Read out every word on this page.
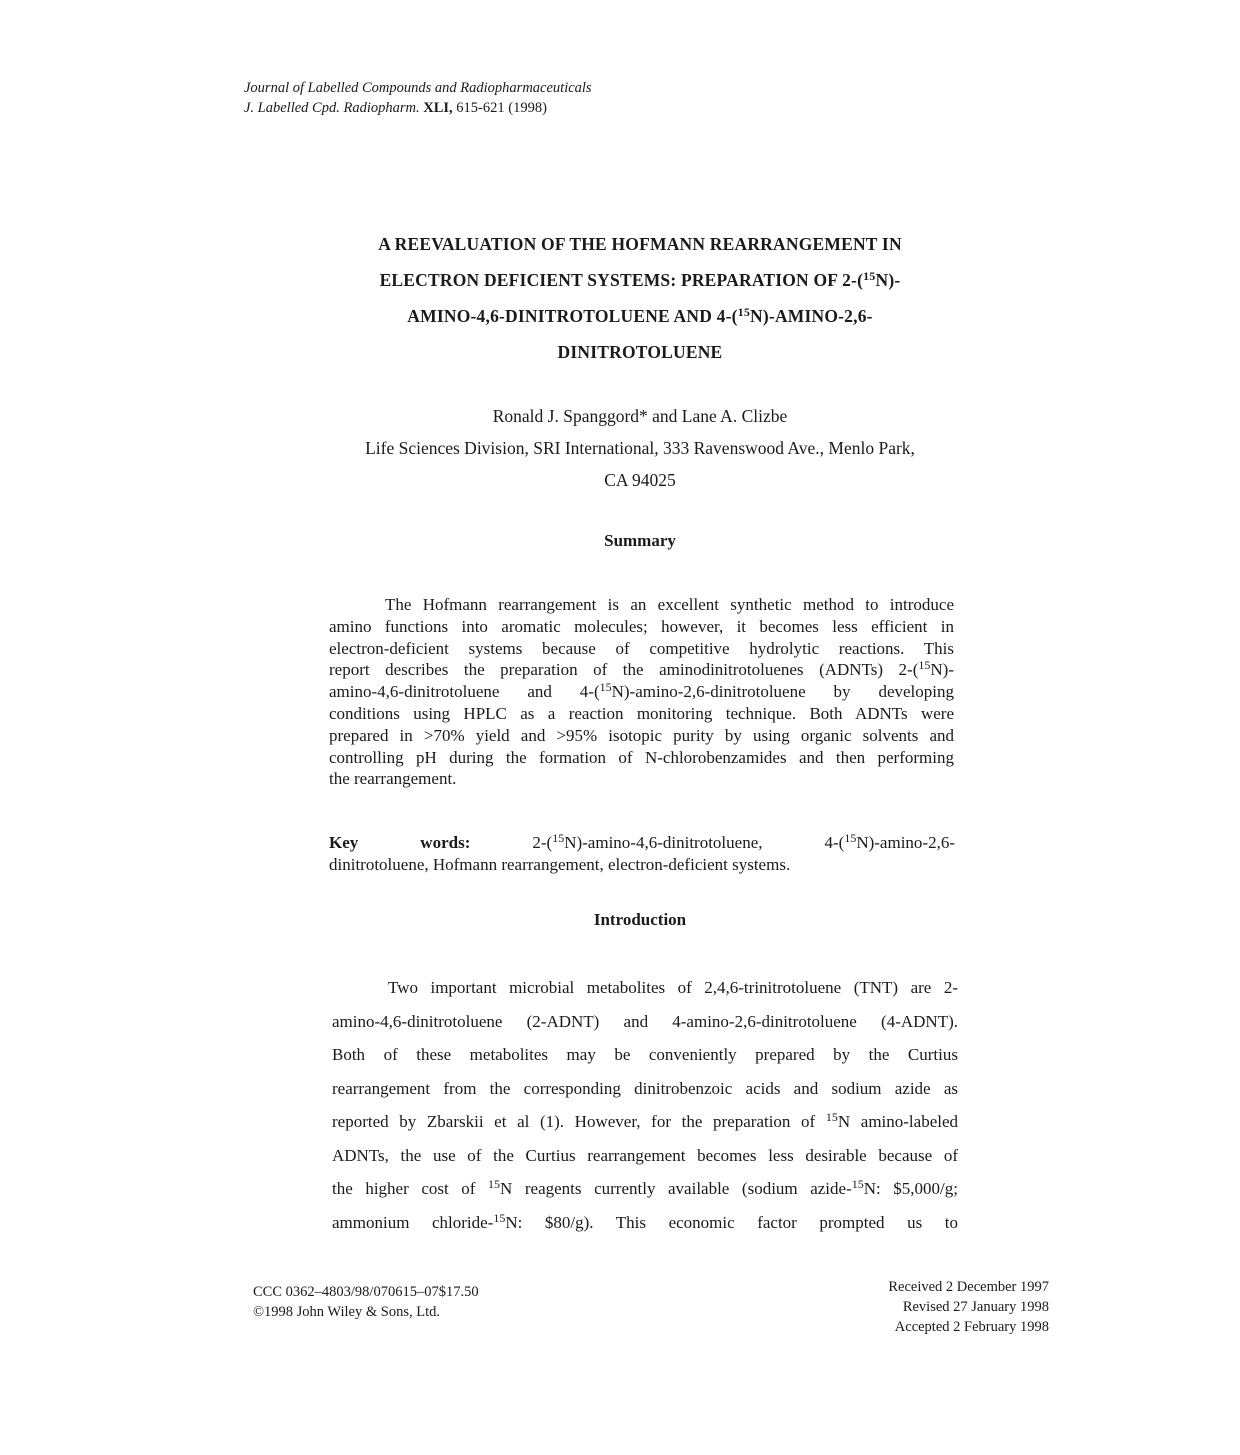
Journal of Labelled Compounds and Radiopharmaceuticals
J. Labelled Cpd. Radiopharm. XLI, 615-621 (1998)
A REEVALUATION OF THE HOFMANN REARRANGEMENT IN
ELECTRON DEFICIENT SYSTEMS: PREPARATION OF 2-($^{15}$N)-
AMINO-4,6-DINITROTOLUENE AND 4-($^{15}$N)-AMINO-2,6-
DINITROTOLUENE
Ronald J. Spanggord* and Lane A. Clizbe
Life Sciences Division, SRI International, 333 Ravenswood Ave., Menlo Park,
CA 94025
Summary
The Hofmann rearrangement is an excellent synthetic method to introduce
amino functions into aromatic molecules; however, it becomes less efficient in
electron-deficient systems because of competitive hydrolytic reactions. This
report describes the preparation of the aminodinitrotoluenes (ADNTs) 2-($^{15}$N)-
amino-4,6-dinitrotoluene and 4-($^{15}$N)-amino-2,6-dinitrotoluene by developing
conditions using HPLC as a reaction monitoring technique. Both ADNTs were
prepared in >70% yield and >95% isotopic purity by using organic solvents and
controlling pH during the formation of N-chlorobenzamides and then performing
the rearrangement.
Key	words:	2-($^{15}$N)-amino-4,6-dinitrotoluene,	4-($^{15}$N)-amino-2,6-
dinitrotoluene, Hofmann rearrangement, electron-deficient systems.
Introduction
Two important microbial metabolites of 2,4,6-trinitrotoluene (TNT) are 2-
amino-4,6-dinitrotoluene (2-ADNT) and 4-amino-2,6-dinitrotoluene (4-ADNT).
Both of these metabolites may be conveniently prepared by the Curtius
rearrangement from the corresponding dinitrobenzoic acids and sodium azide as
reported by Zbarskii et al (1). However, for the preparation of $^{15}$N amino-labeled
ADNTs, the use of the Curtius rearrangement becomes less desirable because of
the higher cost of $^{15}$N reagents currently available (sodium azide-$^{15}$N: $5,000/g;
ammonium chloride-$^{15}$N: $80/g). This economic factor prompted us to
CCC 0362–4803/98/070615–07$17.50
©1998 John Wiley & Sons, Ltd.
Received 2 December 1997
Revised 27 January 1998
Accepted 2 February 1998
